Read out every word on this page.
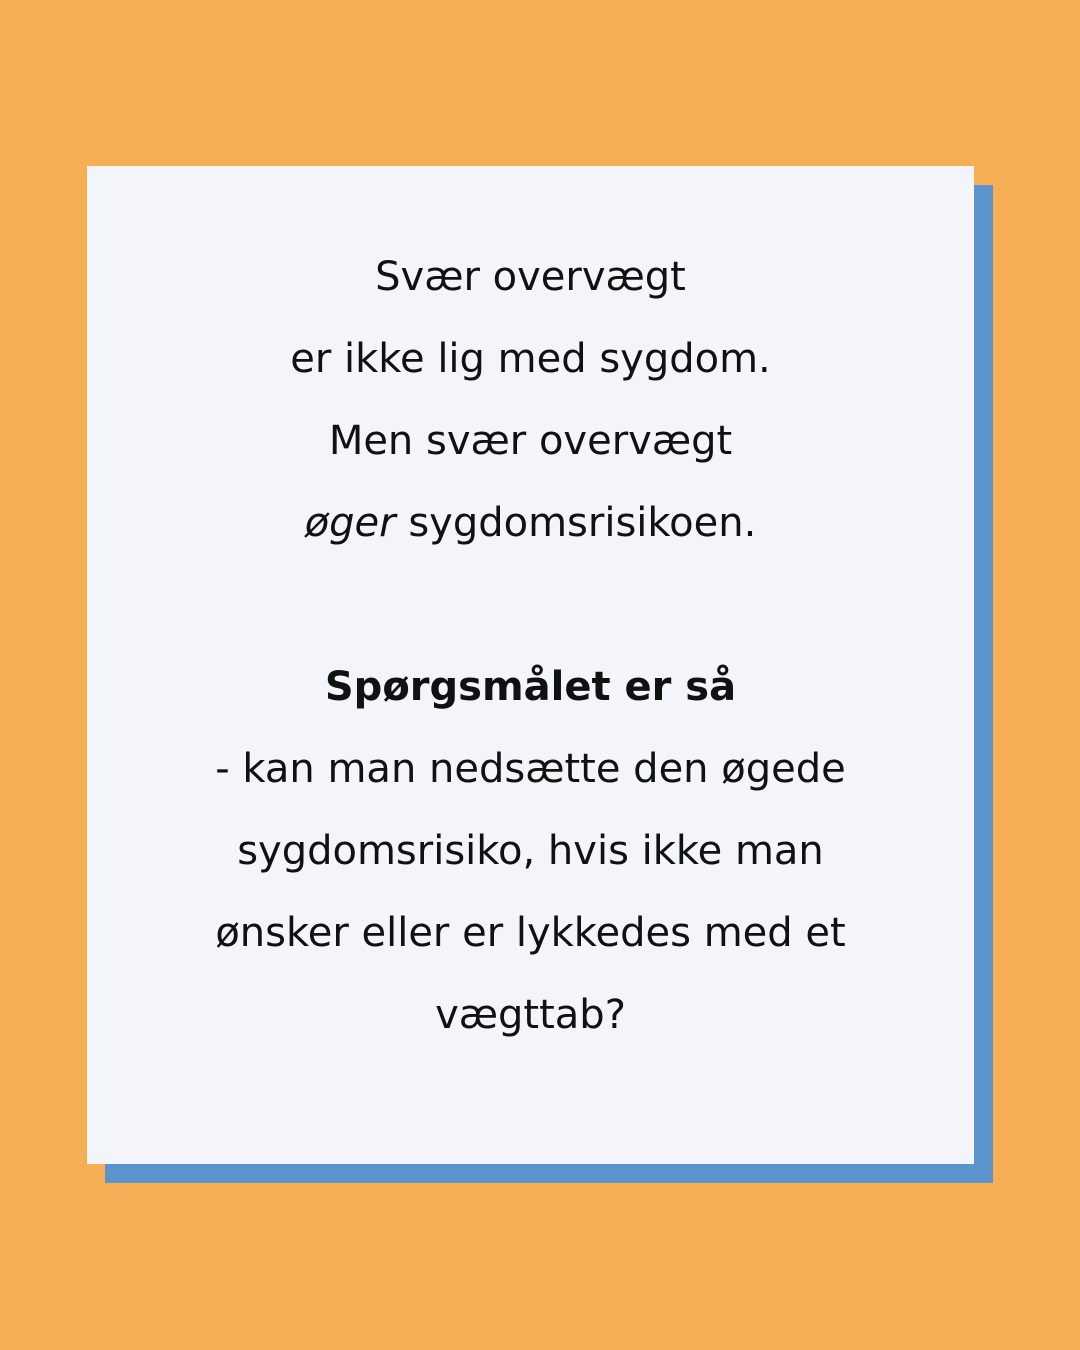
Svær overvægt
er ikke lig med sygdom.
Men svær overvægt
øger sygdomsrisikoen.
Spørgsmålet er så
- kan man nedsætte den øgede
sygdomsrisiko, hvis ikke man
ønsker eller er lykkedes med et
vægttab?
